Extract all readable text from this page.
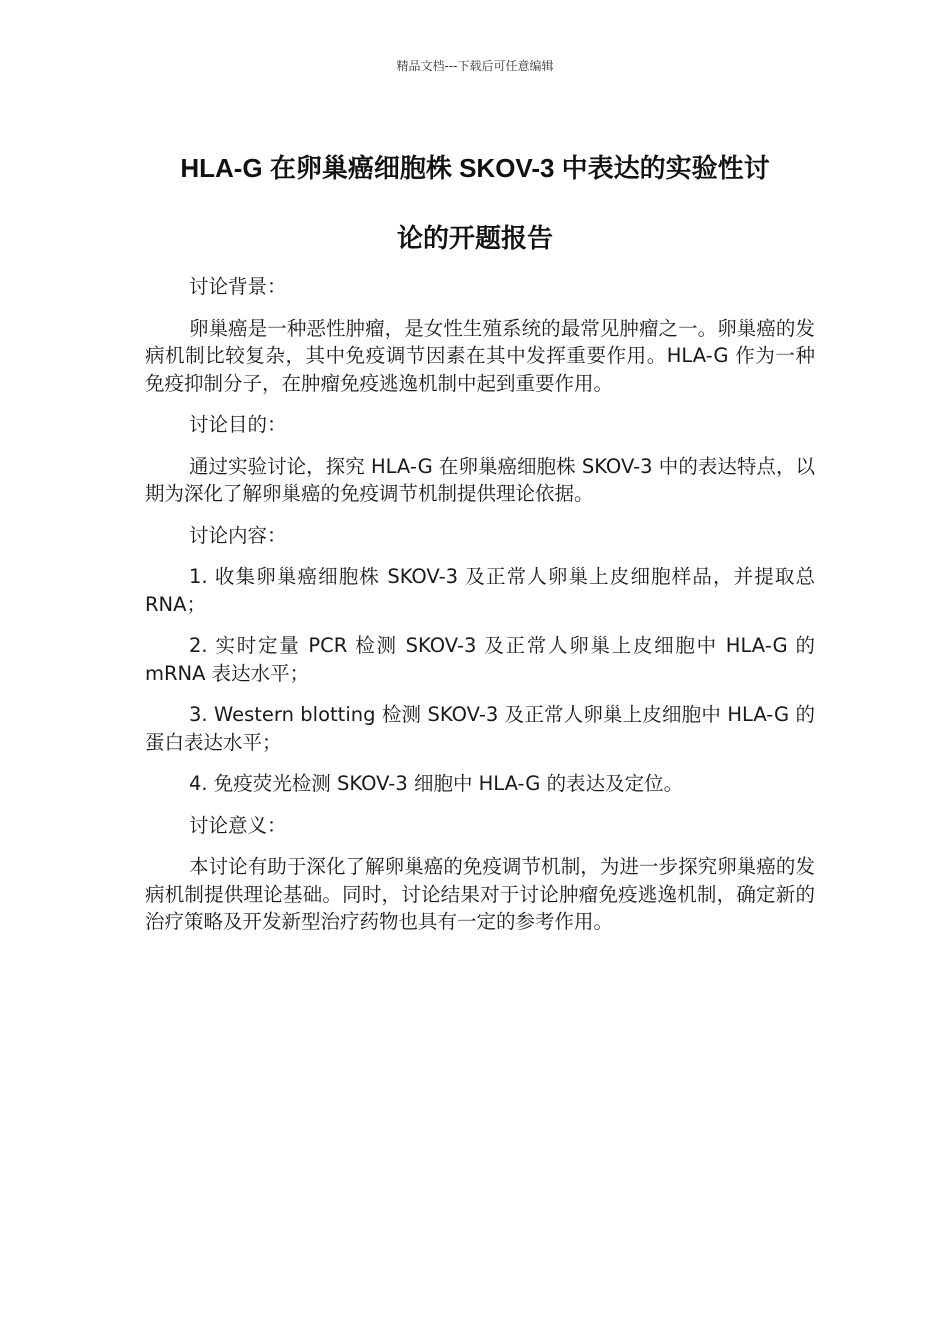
精品文档---下载后可任意编辑
HLA-G 在卵巢癌细胞株 SKOV-3 中表达的实验性讨
论的开题报告

讨论背景：

卵巢癌是一种恶性肿瘤，是女性生殖系统的最常见肿瘤之一。卵巢癌的发病机制比较复杂，其中免疫调节因素在其中发挥重要作用。HLA-G 作为一种免疫抑制分子，在肿瘤免疫逃逸机制中起到重要作用。

讨论目的：

通过实验讨论，探究 HLA-G 在卵巢癌细胞株 SKOV-3 中的表达特点，以期为深化了解卵巢癌的免疫调节机制提供理论依据。

讨论内容：

1. 收集卵巢癌细胞株 SKOV-3 及正常人卵巢上皮细胞样品，并提取总 RNA；

2. 实时定量 PCR 检测 SKOV-3 及正常人卵巢上皮细胞中 HLA-G 的 mRNA 表达水平；

3. Western blotting 检测 SKOV-3 及正常人卵巢上皮细胞中 HLA-G 的蛋白表达水平；

4. 免疫荧光检测 SKOV-3 细胞中 HLA-G 的表达及定位。

讨论意义：

本讨论有助于深化了解卵巢癌的免疫调节机制，为进一步探究卵巢癌的发病机制提供理论基础。同时，讨论结果对于讨论肿瘤免疫逃逸机制，确定新的治疗策略及开发新型治疗药物也具有一定的参考作用。
